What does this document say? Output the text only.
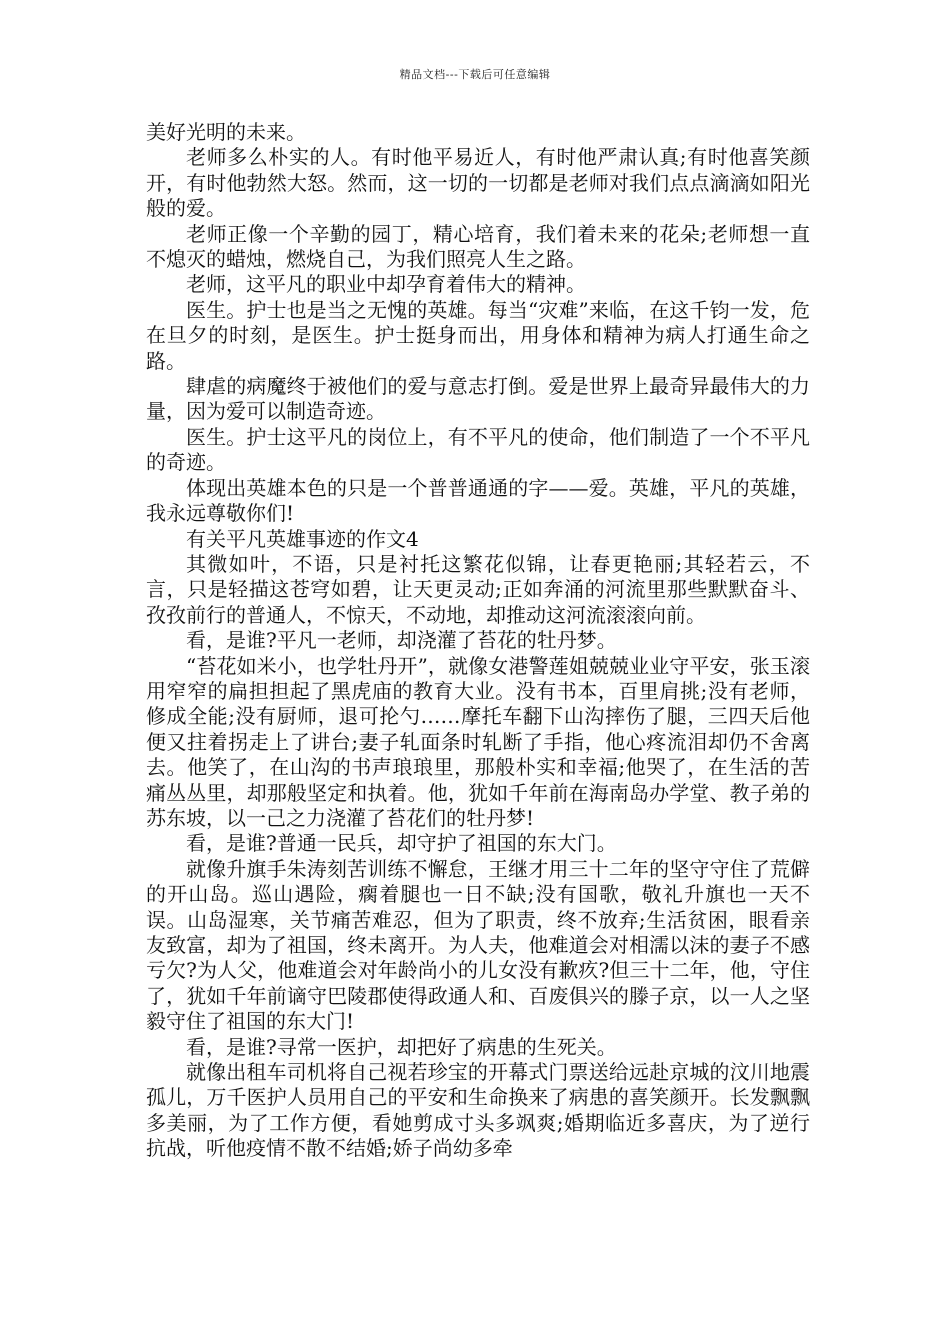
精品文档---下载后可任意编辑

美好光明的未来。

老师多么朴实的人。有时他平易近人，有时他严肃认真;有时他喜笑颜开，有时他勃然大怒。然而，这一切的一切都是老师对我们点点滴滴如阳光般的爱。

老师正像一个辛勤的园丁，精心培育，我们着未来的花朵;老师想一直不熄灭的蜡烛，燃烧自己，为我们照亮人生之路。

老师，这平凡的职业中却孕育着伟大的精神。

医生。护士也是当之无愧的英雄。每当“灾难”来临，在这千钧一发，危在旦夕的时刻，是医生。护士挺身而出，用身体和精神为病人打通生命之路。

肆虐的病魔终于被他们的爱与意志打倒。爱是世界上最奇异最伟大的力量，因为爱可以制造奇迹。

医生。护士这平凡的岗位上，有不平凡的使命，他们制造了一个不平凡的奇迹。

体现出英雄本色的只是一个普普通通的字——爱。英雄，平凡的英雄，我永远尊敬你们!

有关平凡英雄事迹的作文4

其微如叶，不语，只是衬托这繁花似锦，让春更艳丽;其轻若云，不言，只是轻描这苍穹如碧，让天更灵动;正如奔涌的河流里那些默默奋斗、孜孜前行的普通人，不惊天，不动地，却推动这河流滚滚向前。

看，是谁?平凡一老师，却浇灌了苔花的牡丹梦。

“苔花如米小，也学牡丹开”，就像女港警莲姐兢兢业业守平安，张玉滚用窄窄的扁担担起了黑虎庙的教育大业。没有书本，百里肩挑;没有老师，修成全能;没有厨师，退可抡勺……摩托车翻下山沟摔伤了腿，三四天后他便又拄着拐走上了讲台;妻子轧面条时轧断了手指，他心疼流泪却仍不舍离去。他笑了，在山沟的书声琅琅里，那般朴实和幸福;他哭了，在生活的苦痛丛丛里，却那般坚定和执着。他，犹如千年前在海南岛办学堂、教子弟的苏东坡，以一己之力浇灌了苔花们的牡丹梦!

看，是谁?普通一民兵，却守护了祖国的东大门。

就像升旗手朱涛刻苦训练不懈怠，王继才用三十二年的坚守守住了荒僻的开山岛。巡山遇险，瘸着腿也一日不缺;没有国歌，敬礼升旗也一天不误。山岛湿寒，关节痛苦难忍，但为了职责，终不放弃;生活贫困，眼看亲友致富，却为了祖国，终未离开。为人夫，他难道会对相濡以沫的妻子不感亏欠?为人父，他难道会对年龄尚小的儿女没有歉疚?但三十二年，他，守住了，犹如千年前谪守巴陵郡使得政通人和、百废俱兴的滕子京，以一人之坚毅守住了祖国的东大门!

看，是谁?寻常一医护，却把好了病患的生死关。

就像出租车司机将自己视若珍宝的开幕式门票送给远赴京城的汶川地震孤儿，万千医护人员用自己的平安和生命换来了病患的喜笑颜开。长发飘飘多美丽，为了工作方便，看她剪成寸头多飒爽;婚期临近多喜庆，为了逆行抗战，听他疫情不散不结婚;娇子尚幼多牵
